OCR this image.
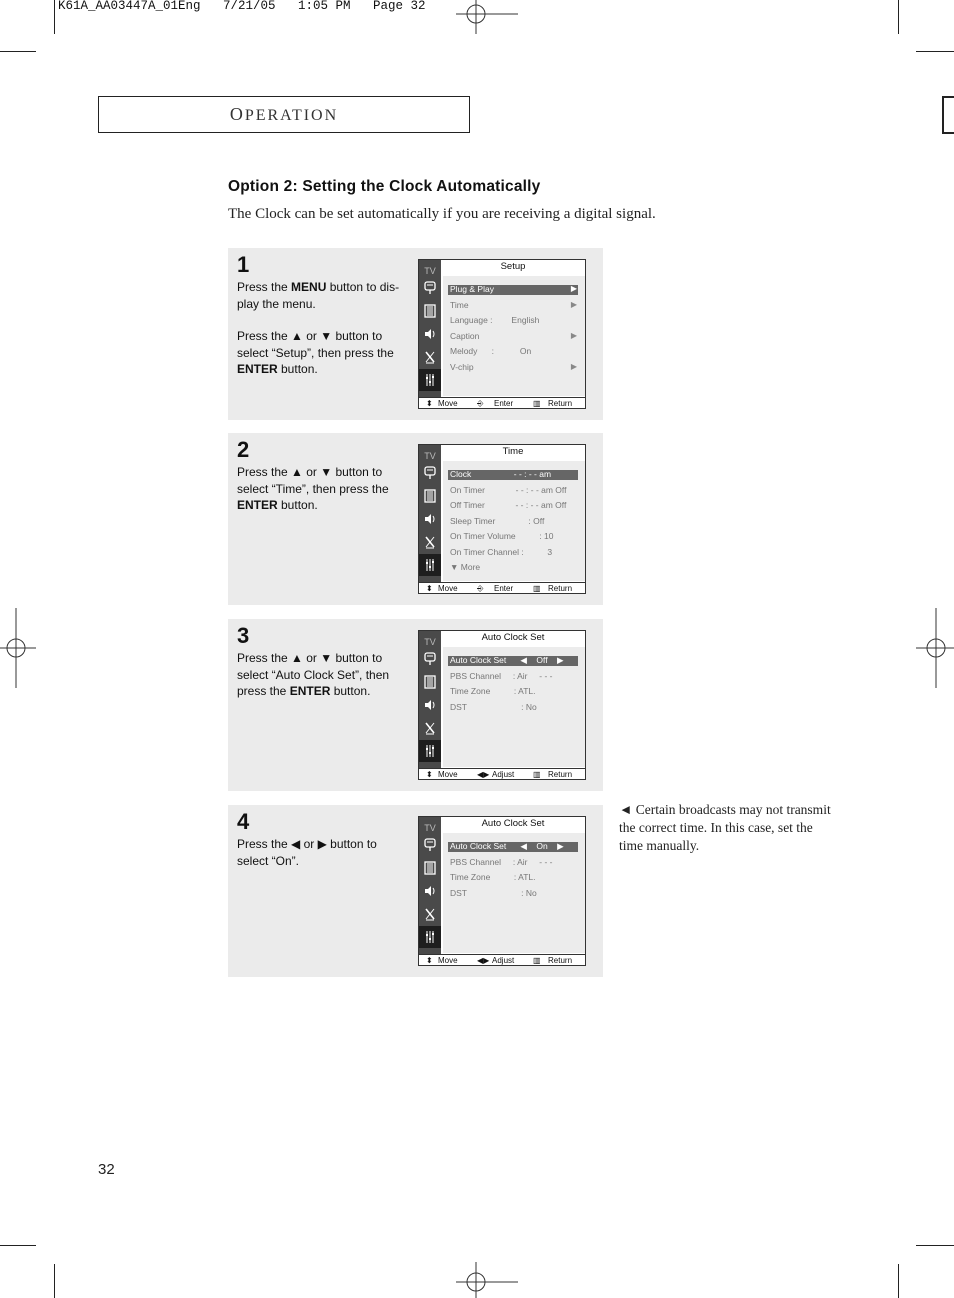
K61A_AA03447A_01Eng   7/21/05   1:05 PM   Page 32
OPERATION
Option 2: Setting the Clock Automatically
The Clock can be set automatically if you are receiving a digital signal.
1

Press the MENU button to dis-play the menu.

Press the ▲ or ▼ button to select “Setup”, then press the ENTER button.

TV	Setup
Plug & Play	▶
Time	▶
Language :        English
Caption	▶
Melody      :           On
V-chip	▶
⬍ Move ⎆ Enter ▥ Return
2

Press the ▲ or ▼ button to select “Time”, then press the ENTER button.

TV	Time
Clock                  - - : - - am
On Timer             - - : - - am Off
Off Timer             - - : - - am Off
Sleep Timer              : Off
On Timer Volume          : 10
On Timer Channel :          3
▼ More
⬍ Move ⎆ Enter ▥ Return
3

Press the ▲ or ▼ button to select “Auto Clock Set”, then press the ENTER button.

TV	Auto Clock Set
Auto Clock Set      ◀    Off    ▶
PBS Channel     : Air     - - -
Time Zone          : ATL.
DST                       : No
⬍ Move ◀▶ Adjust ▥ Return
4

Press the ◀ or ▶ button to select “On”.

TV	Auto Clock Set
Auto Clock Set      ◀    On    ▶
PBS Channel     : Air     - - -
Time Zone          : ATL.
DST                       : No
⬍ Move ◀▶ Adjust ▥ Return
◄ Certain broadcasts may not transmit the correct time. In this case, set the time manually.
32
